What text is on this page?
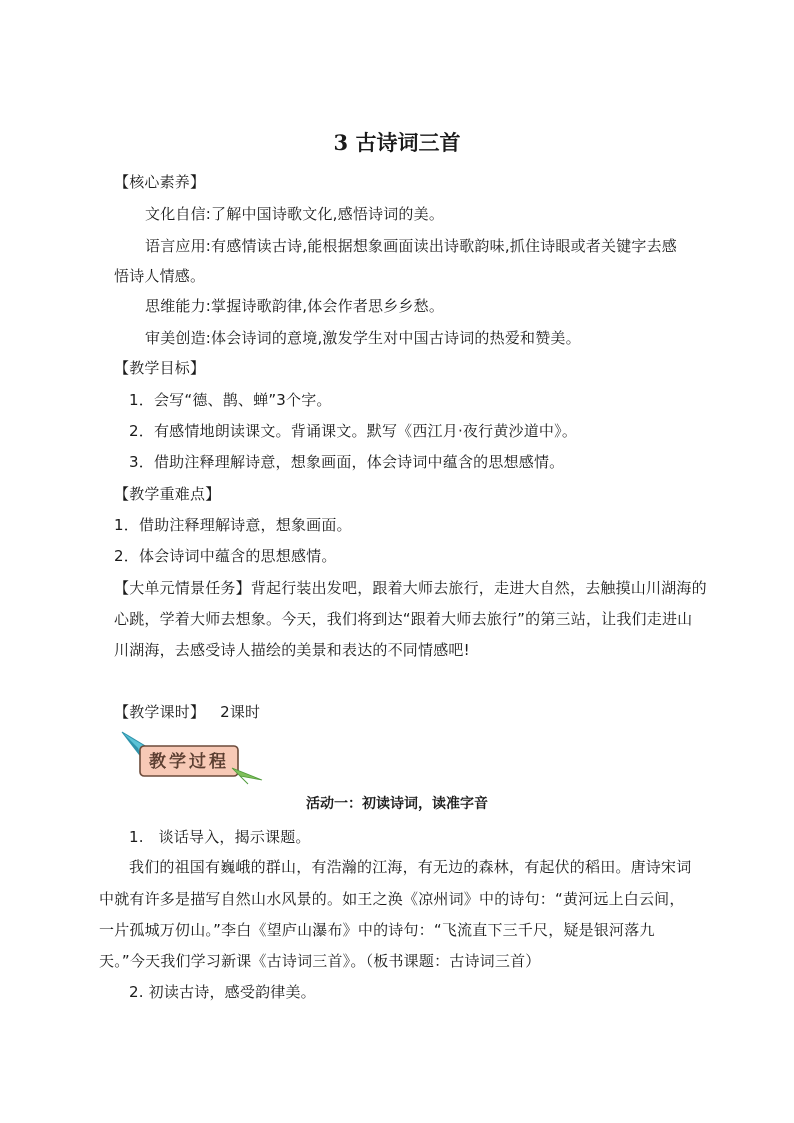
3 古诗词三首
【核心素养】
文化自信:了解中国诗歌文化,感悟诗词的美。
语言应用:有感情读古诗,能根据想象画面读出诗歌韵味,抓住诗眼或者关键字去感
悟诗人情感。
思维能力:掌握诗歌韵律,体会作者思乡乡愁。
审美创造:体会诗词的意境,激发学生对中国古诗词的热爱和赞美。
【教学目标】
1．会写“德、鹊、蝉”3个字。
2．有感情地朗读课文。背诵课文。默写《西江月·夜行黄沙道中》。
3．借助注释理解诗意，想象画面，体会诗词中蕴含的思想感情。
【教学重难点】
1．借助注释理解诗意，想象画面。
2．体会诗词中蕴含的思想感情。
【大单元情景任务】背起行装出发吧，跟着大师去旅行，走进大自然，去触摸山川湖海的
心跳，学着大师去想象。今天，我们将到达“跟着大师去旅行”的第三站，让我们走进山
川湖海，去感受诗人描绘的美景和表达的不同情感吧!
【教学课时】   2课时
教学过程
活动一：初读诗词，读准字音
1.   谈话导入，揭示课题。
我们的祖国有巍峨的群山，有浩瀚的江海，有无边的森林，有起伏的稻田。唐诗宋词
中就有许多是描写自然山水风景的。如王之涣《凉州词》中的诗句：“黄河远上白云间，
一片孤城万仞山。”李白《望庐山瀑布》中的诗句：“飞流直下三千尺，疑是银河落九
天。”今天我们学习新课《古诗词三首》。（板书课题：古诗词三首）
2. 初读古诗，感受韵律美。
